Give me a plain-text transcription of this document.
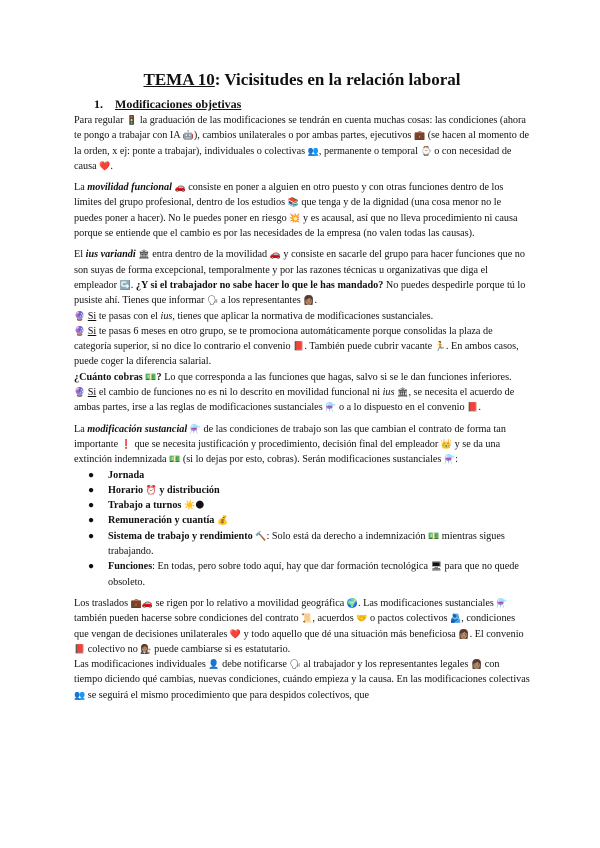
TEMA 10: Vicisitudes en la relación laboral
1. Modificaciones objetivas

Para regular 🚦 la graduación de las modificaciones se tendrán en cuenta muchas cosas: las condiciones (ahora te pongo a trabajar con IA 🤖), cambios unilaterales o por ambas partes, ejecutivos 💼 (se hacen al momento de la orden, x ej: ponte a trabajar), individuales o colectivas 👥, permanente o temporal ⌚ o con necesidad de causa ❤️.

La movilidad funcional 🚗 consiste en poner a alguien en otro puesto y con otras funciones dentro de los límites del grupo profesional, dentro de los estudios 📚 que tenga y de la dignidad (una cosa menor no le puedes poner a hacer). No le puedes poner en riesgo 💥 y es acausal, así que no lleva procedimiento ni causa porque se entiende que el cambio es por las necesidades de la empresa (no valen todas las causas).

El ius variandi 🏛 entra dentro de la movilidad 🚗 y consiste en sacarle del grupo para hacer funciones que no son suyas de forma excepcional, temporalmente y por las razones técnicas u organizativas que diga el empleador ↪️. ¿Y si el trabajador no sabe hacer lo que le has mandado? No puedes despedirle porque tú lo pusiste ahí. Tienes que informar 🗣 a los representantes 👩🏽.

🔮 Si te pasas con el ius, tienes que aplicar la normativa de modificaciones sustanciales.

🔮 Si te pasas 6 meses en otro grupo, se te promociona automáticamente porque consolidas la plaza de categoría superior, si no dice lo contrario el convenio 📕. También puede cubrir vacante 🏃. En ambos casos, puede coger la diferencia salarial.

¿Cuánto cobras 💵? Lo que corresponda a las funciones que hagas, salvo si se le dan funciones inferiores.

🔮 Si el cambio de funciones no es ni lo descrito en movilidad funcional ni ius 🏛, se necesita el acuerdo de ambas partes, irse a las reglas de modificaciones sustanciales ⚗️ o a lo dispuesto en el convenio 📕.

La modificación sustancial ⚗️ de las condiciones de trabajo son las que cambian el contrato de forma tan importante ❗ que se necesita justificación y procedimiento, decisión final del empleador 👑 y se da una extinción indemnizada 💵 (si lo dejas por esto, cobras). Serán modificaciones sustanciales ⚗️:

● Jornada
● Horario ⏰ y distribución
● Trabajo a turnos ☀️🌑
● Remuneración y cuantía 💰
● Sistema de trabajo y rendimiento 🔨: Solo está da derecho a indemnización 💵 mientras sigues trabajando.
● Funciones: En todas, pero sobre todo aquí, hay que dar formación tecnológica 🖥 para que no quede obsoleto.

Los traslados 💼🚗 se rigen por lo relativo a movilidad geográfica 🌍. Las modificaciones sustanciales ⚗️ también pueden hacerse sobre condiciones del contrato 📜, acuerdos 🤝 o pactos colectivos 🫂, condiciones que vengan de decisiones unilaterales ❤️ y todo aquello que dé una situación más beneficiosa 👩🏽. El convenio 📕 colectivo no 👩🏽‍⚖️ puede cambiarse si es estatutario.

Las modificaciones individuales 👤 debe notificarse 🗣 al trabajador y los representantes legales 👩🏽 con tiempo diciendo qué cambias, nuevas condiciones, cuándo empieza y la causa. En las modificaciones colectivas 👥 se seguirá el mismo procedimiento que para despidos colectivos, que
